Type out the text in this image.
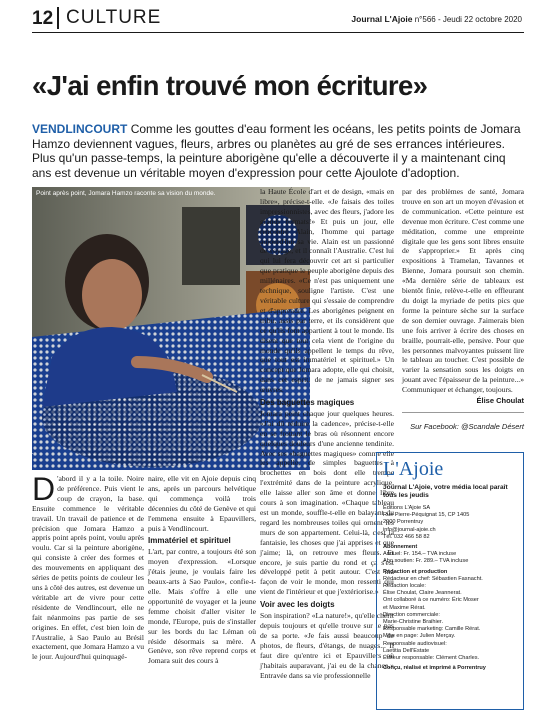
12 CULTURE	Journal L'Ajoie n°566 - Jeudi 22 octobre 2020
«J'ai enfin trouvé mon écriture»
VENDLINCOURT Comme les gouttes d'eau forment les océans, les petits points de Jomara Hamzo deviennent vagues, fleurs, arbres ou planètes au gré de ses errances intérieures. Plus qu'un passe-temps, la peinture aborigène qu'elle a découverte il y a maintenant cinq ans est devenue un véritable moyen d'expression pour cette Ajoulote d'adoption.
Point après point, Jomara Hamzo raconte sa vision du monde.
photo élise choulat
D 'abord il y a la toile. Noire de préférence. Puis vient le coup de crayon, la base. Ensuite commence le véritable travail. Un travail de patience et de précision que Jomara Hamzo a appris point après point, voulu après voulu. Car si la peinture aborigène, qui consiste à créer des formes et des mouvements en appliquant des séries de petits points de couleur les uns à côté des autres, est devenue un véritable art de vivre pour cette résidente de Vendlincourt, elle ne fait néanmoins pas partie de ses origines. En effet, c'est bien loin de l'Australie, à Sao Paulo au Brésil exactement, que Jomara Hamzo a vu le jour. Aujourd'hui quinquagé-

naire, elle vit en Ajoie depuis cinq ans, après un parcours helvétique qui commença voilà trois décennies du côté de Genève et qui l'emmena ensuite à Epauvillers, puis à Vendlincourt.

Immatériel et spirituel

L'art, par contre, a toujours été son moyen d'expression. «Lorsque j'étais jeune, je voulais faire les beaux-arts à Sao Paulo», confie-t-elle. Mais s'offre à elle une opportunité de voyager et la jeune femme choisit d'aller visiter le monde, l'Europe, puis de s'installer sur les bords du lac Léman où réside désormais sa mère. A Genève, son rêve reprend corps et Jomara suit des cours à

la Haute École d'art et de design, «mais en libre», précise-t-elle. «Je faisais des toiles impressionnistes, avec des fleurs, j'adore les grands formats!» Et puis un jour, elle rencontre Alain, l'homme qui partage aujourd'hui sa vie. Alain est un passionné de voyage, et il connaît l'Australie. C'est lui qui lui fera découvrir cet art si particulier que pratique le peuple aborigène depuis des millénaires. «Ce n'est pas uniquement une technique, souligne l'artiste. C'est une véritable culture qui s'essaie de comprendre et d'apprendre. Les aborigènes peignent en tribu, assis par terre, et ils considèrent que ce qu'ils font appartient à tout le monde. Ils disent que tout cela vient de l'origine du monde qu'ils appellent le temps du rêve, que tout est immatériel et spirituel.» Un concept que Jomara adopte, elle qui choisit, dans cet esprit, de ne jamais signer ses œuvres.

Des baguettes magiques

Jomara peint chaque jour quelques heures. «J'ai dû réduire la cadence», précise-t-elle en se frottant le bras où résonnent encore quelques douleurs d'une ancienne tendinite. Avec ses «baguettes magiques» comme elle les appelle, de simples baguettes à brochettes en bois dont elle trempe l'extrémité dans de la peinture acrylique, elle laisse aller son âme et donne libre cours à son imagination. «Chaque tableau est un monde, souffle-t-elle en balayant du regard les nombreuses toiles qui ornent les murs de son appartement. Celui-là, c'est la fantaisie, les choses que j'ai apprises et que j'aime; là, on retrouve mes fleurs. Et encore, je suis partie du rond et ça s'est développé petit à petit autour. C'est ma façon de voir le monde, mon ressenti qui vient de l'intérieur et que j'extériorise.»

Voir avec les doigts

Son inspiration? «La nature!», qu'elle chérit depuis toujours et qu'elle trouve sur le pas de sa porte. «Je fais aussi beaucoup de photos, de fleurs, d'étangs, de nuages... Il faut dire qu'entre ici et Epauvillers où j'habitais auparavant, j'ai eu de la chance.» Entravée dans sa vie professionnelle

par des problèmes de santé, Jomara trouve en son art un moyen d'évasion et de communication. «Cette peinture est devenue mon écriture. C'est comme une méditation, comme une empreinte digitale que les gens sont libres ensuite de s'approprier.» Et après cinq expositions à Tramelan, Tavannes et Bienne, Jomara poursuit son chemin. «Ma dernière série de tableaux est bientôt finie, relève-t-elle en effleurant du doigt la myriade de petits pics que forme la peinture sèche sur la surface de son dernier ouvrage. J'aimerais bien une fois arriver à écrire des choses en braille, pourrait-elle, pensive. Pour que les personnes malvoyantes puissent lire le tableau au toucher. C'est possible de varier la sensation sous les doigts en jouant avec l'épaisseur de la peinture...» Communiquer et échanger, toujours.

Élise Choulat
Sur Facebook: @Scandale Désert
L'Ajoie
Journal L'Ajoie, votre média local paraît tous les jeudis
Éditions L'Ajoie SA
Rue Pierre-Péquignat 15, CP 1405
2900 Porrentruy
info@journal-ajoie.ch
Tél. 032 466 58 82
Abonnement
Annuel: Fr. 154.– TVA incluse
Abo soutien: Fr. 289.– TVA incluse
Rédaction et production
Rédacteur en chef: Sébastien Fasnacht.
Rédaction locale:
Élise Choulat, Claire Jeannerat.
Ont collaboré à ce numéro: Éric Moser
et Maxime Rérat.
Direction commerciale:
Marie-Christine Braihier.
Responsable marketing: Camille Rérat.
Mise en page: Julien Merçay.
Responsable audiovisuel:
Laetitia Dell'Estate
Éditeur responsable: Clément Charles.
Conçu, réalisé et imprimé à Porrentruy
